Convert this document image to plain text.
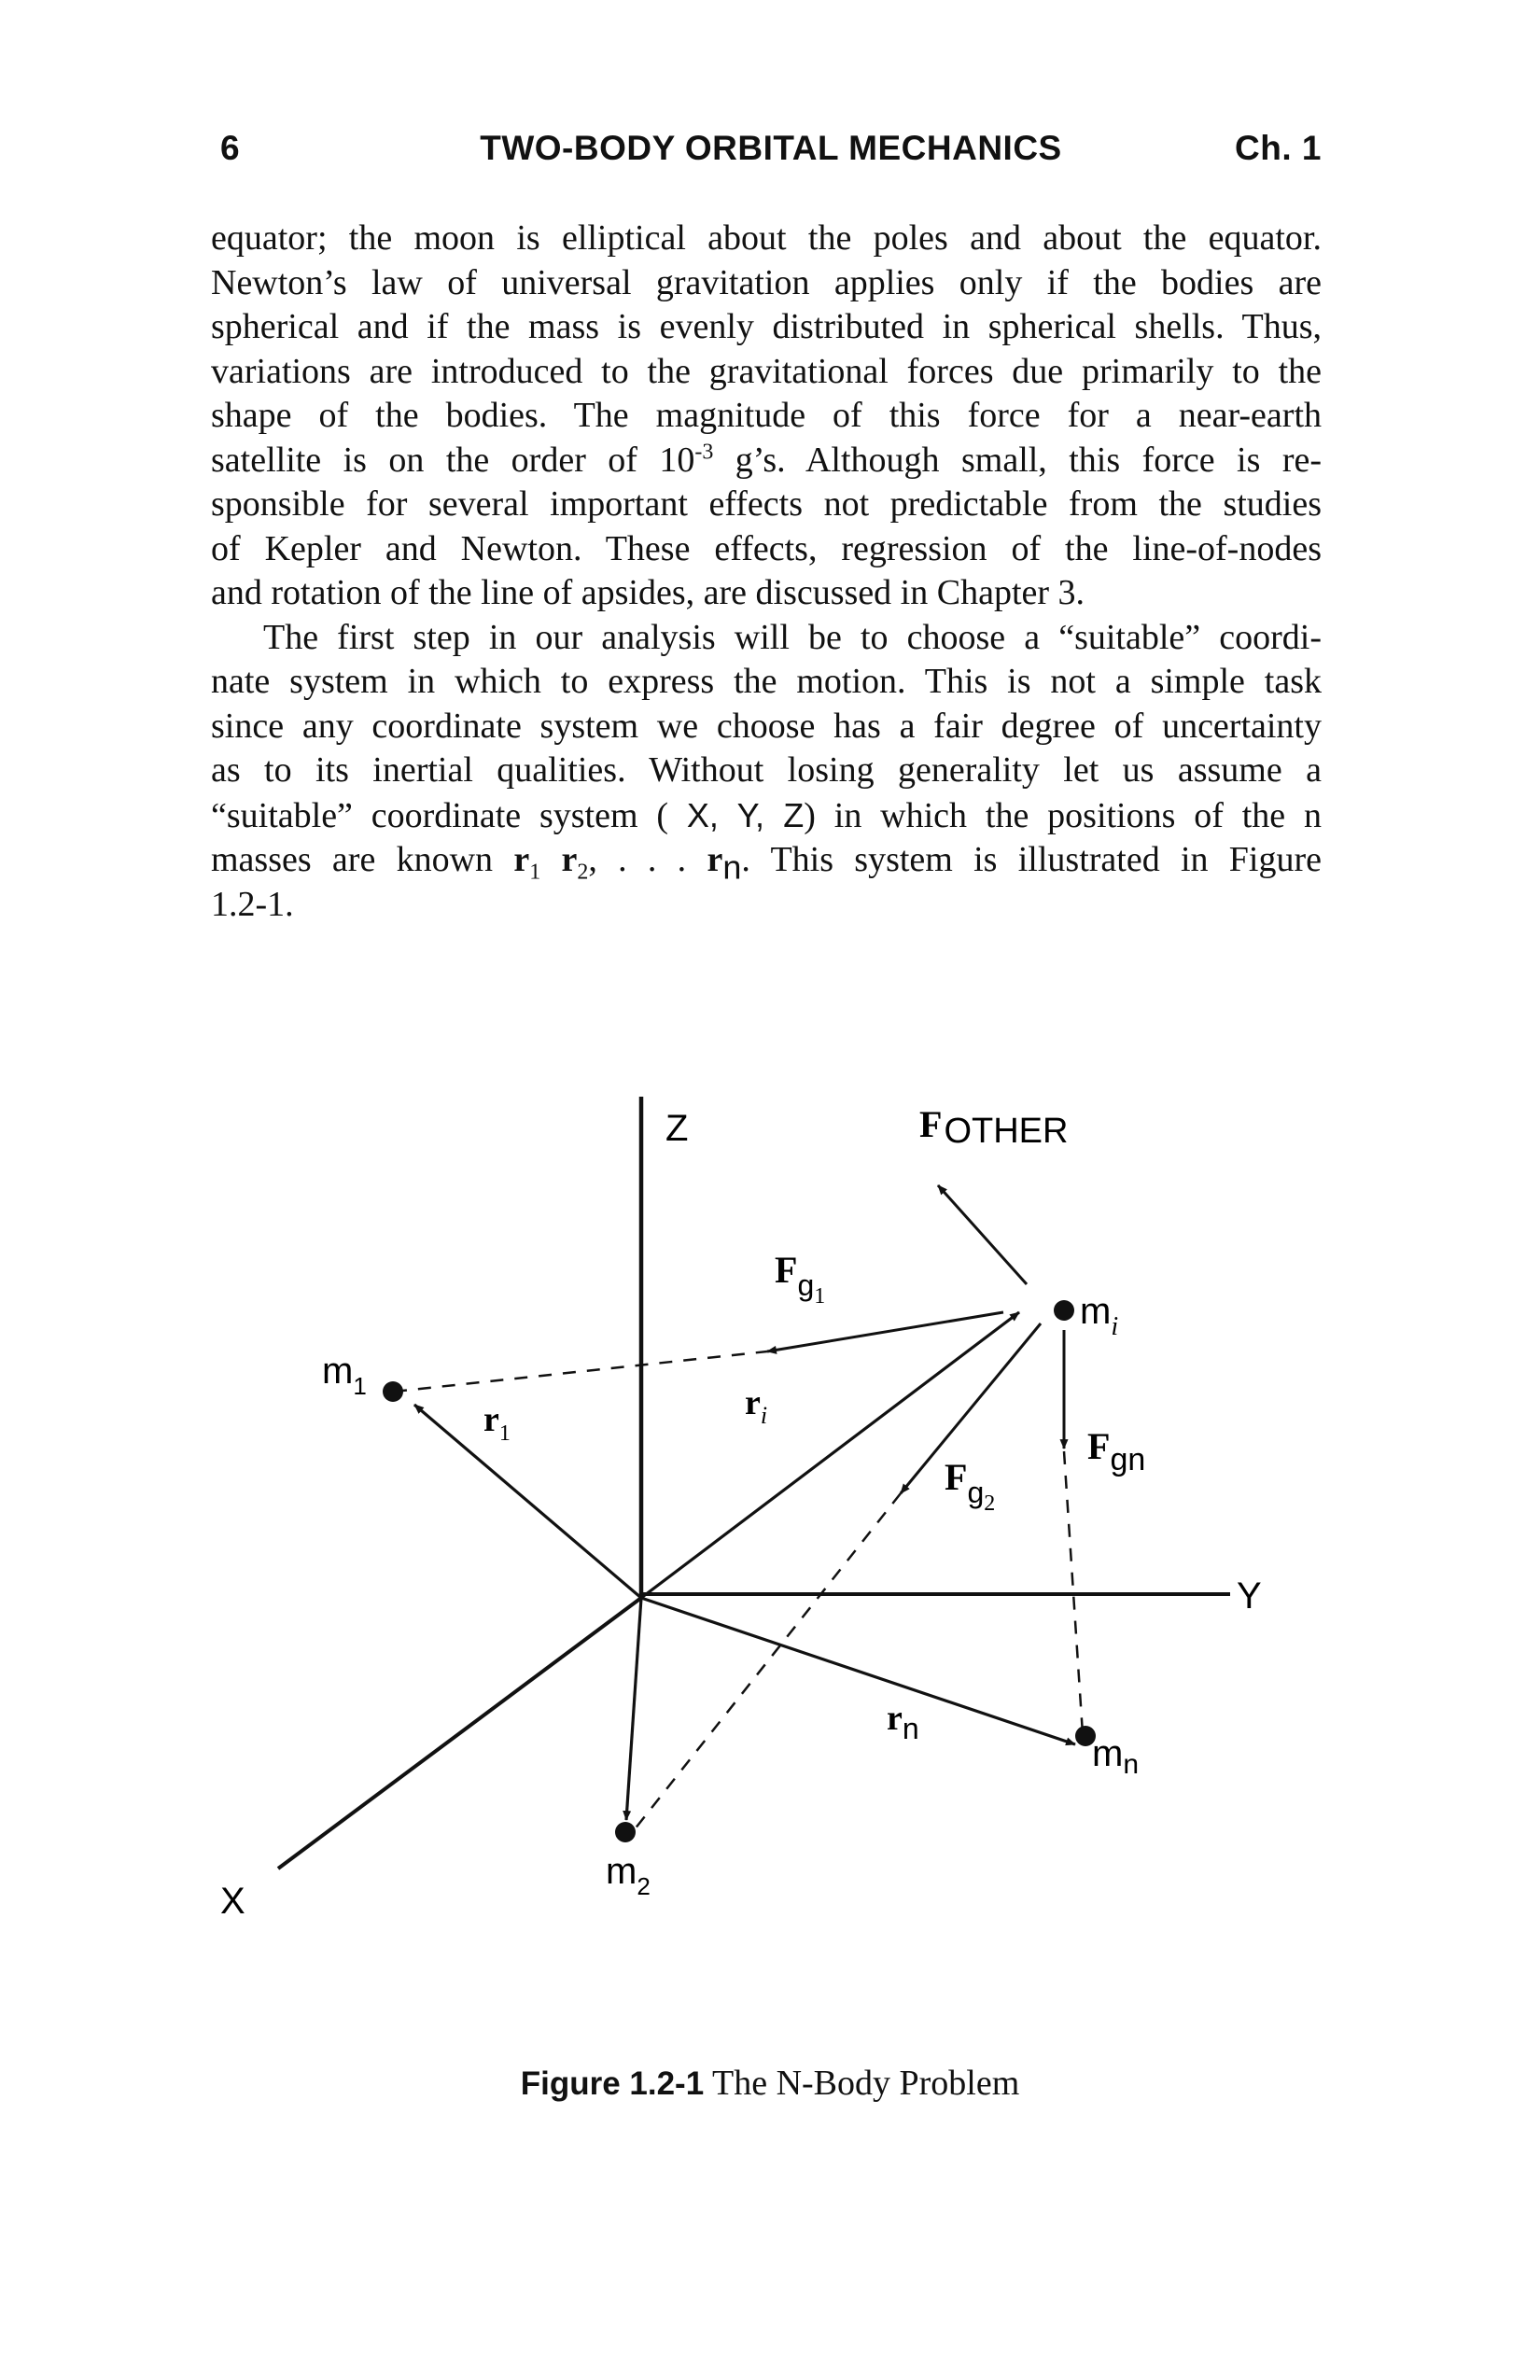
6	TWO-BODY ORBITAL MECHANICS	Ch. 1
equator; the moon is elliptical about the poles and about the equator.
Newton’s law of universal gravitation applies only if the bodies are
spherical and if the mass is evenly distributed in spherical shells. Thus,
variations are introduced to the gravitational forces due primarily to the
shape of the bodies. The magnitude of this force for a near-earth
satellite is on the order of $10^{-3}$ g’s. Although small, this force is re-
sponsible for several important effects not predictable from the studies
of Kepler and Newton. These effects, regression of the line-of-nodes
and rotation of the line of apsides, are discussed in Chapter 3.
The first step in our analysis will be to choose a “suitable” coordi-
nate system in which to express the motion. This is not a simple task
since any coordinate system we choose has a fair degree of uncertainty
as to its inertial qualities. Without losing generality let us assume a
“suitable” coordinate system ( X, Y, Z) in which the positions of the n
masses are known $r_1$ $r_2$, . . . $r_n$. This system is illustrated in Figure
1.2-1.
Z
Y
X
FOTHER
$F_{g1}$
$F_{g2}$
$F_{gn}$
$m_1$
$m_i$
$m_2$
$m_n$
$r_1$
$r_i$
$r_n$
Figure 1.2-1 The N-Body Problem
